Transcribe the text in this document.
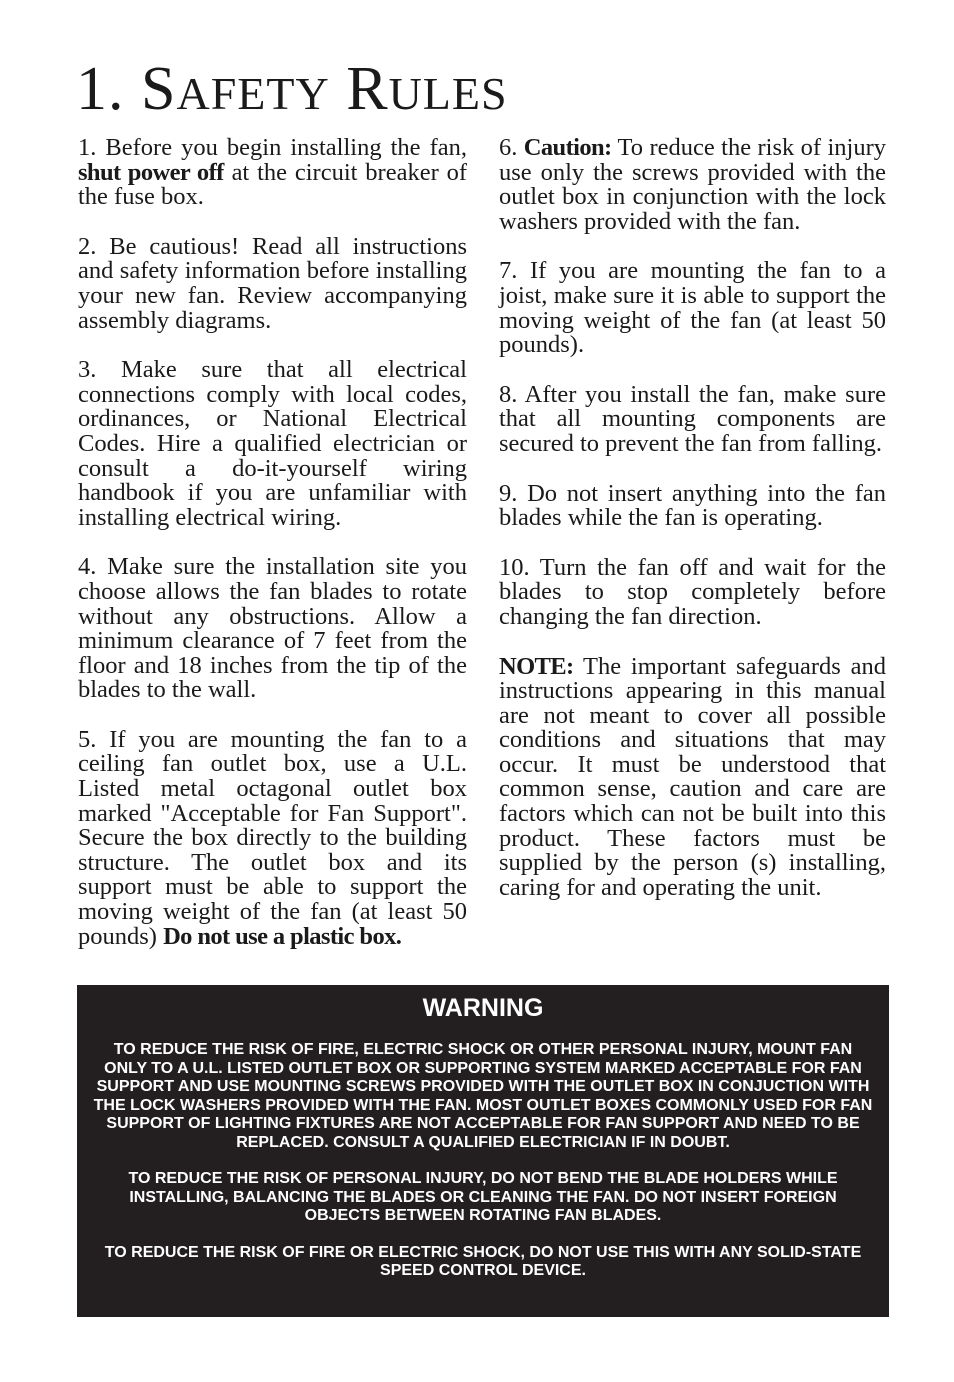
1. SAFETY RULES

1. Before you begin installing the fan, shut power off at the circuit breaker of the fuse box.

2. Be cautious! Read all instructions and safety information before installing your new fan. Review accompanying assembly diagrams.

3. Make sure that all electrical connections comply with local codes, ordinances, or National Electrical Codes. Hire a qualified electrician or consult a do-it-yourself wiring handbook if you are unfamiliar with installing electrical wiring.

4. Make sure the installation site you choose allows the fan blades to rotate without any obstructions. Allow a minimum clearance of 7 feet from the floor and 18 inches from the tip of the blades to the wall.

5. If you are mounting the fan to a ceiling fan outlet box, use a U.L. Listed metal octagonal outlet box marked "Acceptable for Fan Support". Secure the box directly to the building structure. The outlet box and its support must be able to support the moving weight of the fan (at least 50 pounds) Do not use a plastic box.

6. Caution: To reduce the risk of injury use only the screws provided with the outlet box in conjunction with the lock washers provided with the fan.

7. If you are mounting the fan to a joist, make sure it is able to support the moving weight of the fan (at least 50 pounds).

8. After you install the fan, make sure that all mounting components are secured to prevent the fan from falling.

9. Do not insert anything into the fan blades while the fan is operating.

10. Turn the fan off and wait for the blades to stop completely before changing the fan direction.

NOTE: The important safeguards and instructions appearing in this manual are not meant to cover all possible conditions and situations that may occur. It must be understood that common sense, caution and care are factors which can not be built into this product. These factors must be supplied by the person (s) installing, caring for and operating the unit.

WARNING
TO REDUCE THE RISK OF FIRE, ELECTRIC SHOCK OR OTHER PERSONAL INJURY, MOUNT FAN ONLY TO A U.L. LISTED OUTLET BOX OR SUPPORTING SYSTEM MARKED ACCEPTABLE FOR FAN SUPPORT AND USE MOUNTING SCREWS PROVIDED WITH THE OUTLET BOX IN CONJUCTION WITH THE LOCK WASHERS PROVIDED WITH THE FAN. MOST OUTLET BOXES COMMONLY USED FOR FAN SUPPORT OF LIGHTING FIXTURES ARE NOT ACCEPTABLE FOR FAN SUPPORT AND NEED TO BE REPLACED. CONSULT A QUALIFIED ELECTRICIAN IF IN DOUBT.
TO REDUCE THE RISK OF PERSONAL INJURY, DO NOT BEND THE BLADE HOLDERS WHILE INSTALLING, BALANCING THE BLADES OR CLEANING THE FAN. DO NOT INSERT FOREIGN OBJECTS BETWEEN ROTATING FAN BLADES.
TO REDUCE THE RISK OF FIRE OR ELECTRIC SHOCK, DO NOT USE THIS WITH ANY SOLID-STATE SPEED CONTROL DEVICE.
